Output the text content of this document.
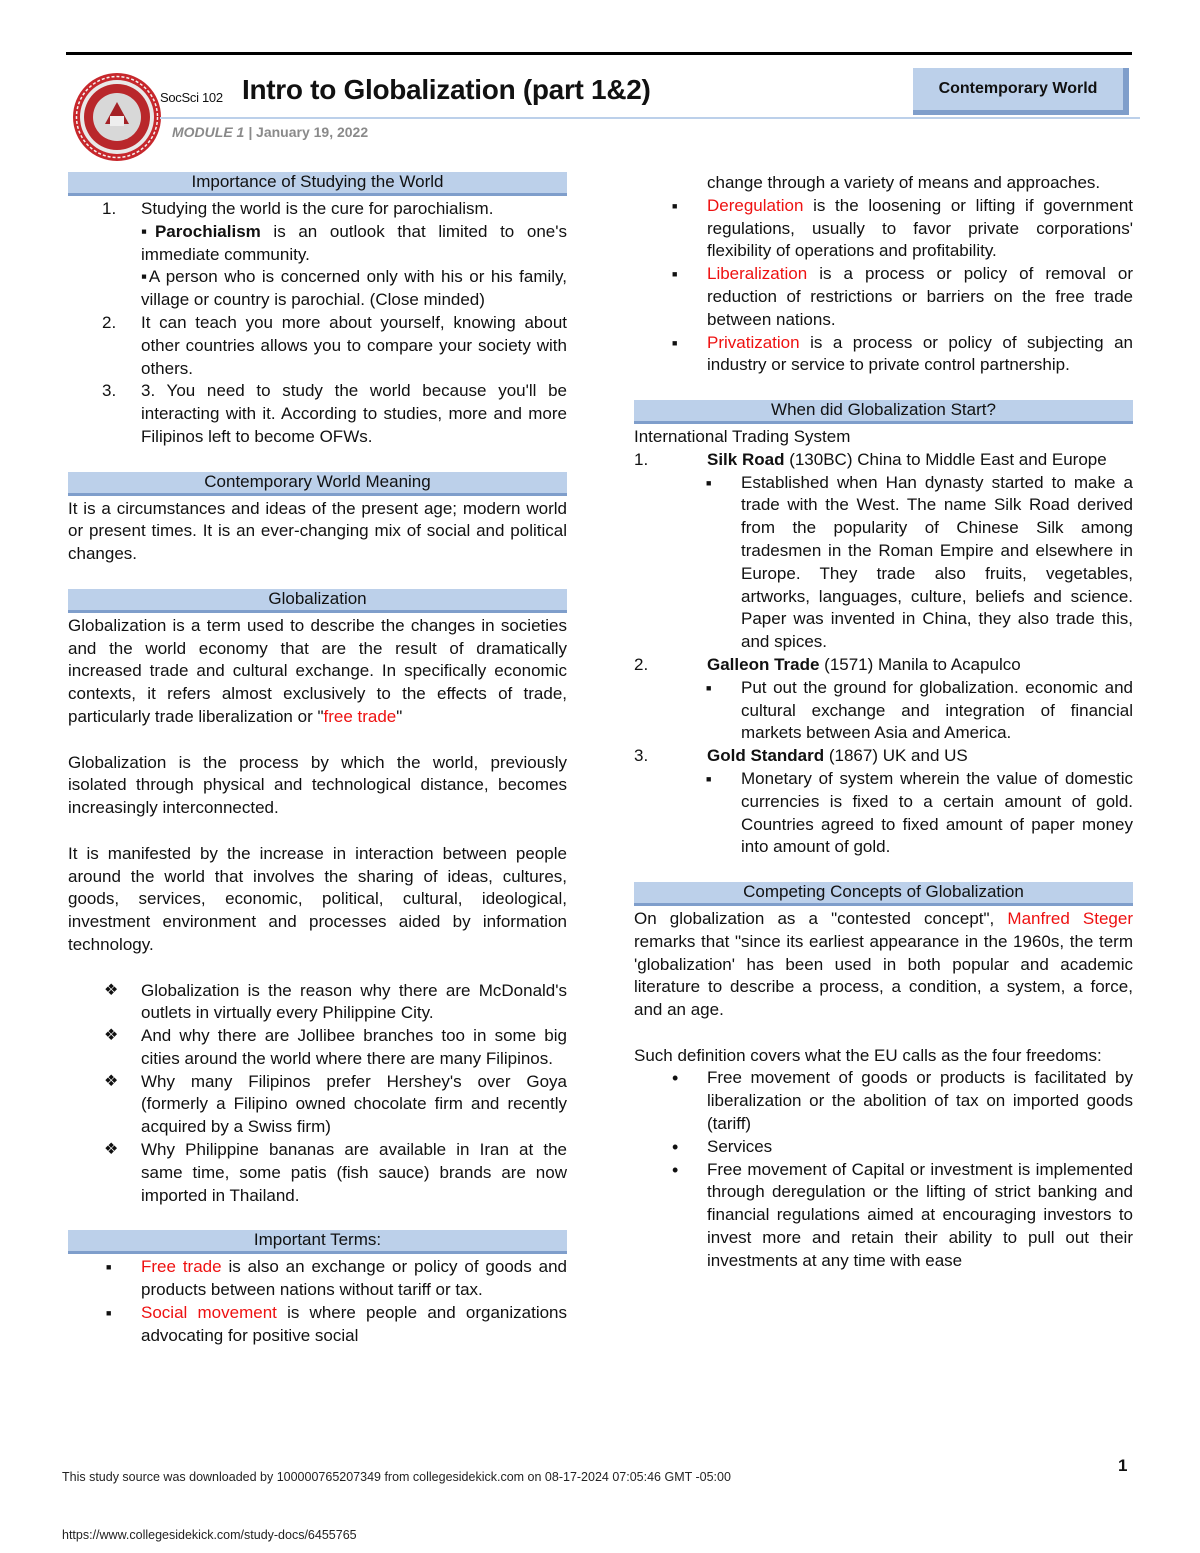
SocSci 102 Intro to Globalization (part 1&2)
MODULE 1 | January 19, 2022
Contemporary World
Importance of Studying the World
1. Studying the world is the cure for parochialism.
▪Parochialism is an outlook that limited to one's immediate community.
▪A person who is concerned only with his or his family, village or country is parochial. (Close minded)
2. It can teach you more about yourself, knowing about other countries allows you to compare your society with others.
3. 3. You need to study the world because you'll be interacting with it. According to studies, more and more Filipinos left to become OFWs.
Contemporary World Meaning
It is a circumstances and ideas of the present age; modern world or present times. It is an ever-changing mix of social and political changes.
Globalization
Globalization is a term used to describe the changes in societies and the world economy that are the result of dramatically increased trade and cultural exchange. In specifically economic contexts, it refers almost exclusively to the effects of trade, particularly trade liberalization or "free trade"
Globalization is the process by which the world, previously isolated through physical and technological distance, becomes increasingly interconnected.
It is manifested by the increase in interaction between people around the world that involves the sharing of ideas, cultures, goods, services, economic, political, cultural, ideological, investment environment and processes aided by information technology.
❖ Globalization is the reason why there are McDonald's outlets in virtually every Philippine City.
❖ And why there are Jollibee branches too in some big cities around the world where there are many Filipinos.
❖ Why many Filipinos prefer Hershey's over Goya (formerly a Filipino owned chocolate firm and recently acquired by a Swiss firm)
❖ Why Philippine bananas are available in Iran at the same time, some patis (fish sauce) brands are now imported in Thailand.
Important Terms:
■ Free trade is also an exchange or policy of goods and products between nations without tariff or tax.
■ Social movement is where people and organizations advocating for positive social
change through a variety of means and approaches.
■ Deregulation is the loosening or lifting if government regulations, usually to favor private corporations' flexibility of operations and profitability.
■ Liberalization is a process or policy of removal or reduction of restrictions or barriers on the free trade between nations.
■ Privatization is a process or policy of subjecting an industry or service to private control partnership.
When did Globalization Start?
International Trading System
1.	Silk Road (130BC) China to Middle East and Europe
■ Established when Han dynasty started to make a trade with the West. The name Silk Road derived from the popularity of Chinese Silk among tradesmen in the Roman Empire and elsewhere in Europe. They trade also fruits, vegetables, artworks, languages, culture, beliefs and science. Paper was invented in China, they also trade this, and spices.
2.	Galleon Trade (1571) Manila to Acapulco
■ Put out the ground for globalization. economic and cultural exchange and integration of financial markets between Asia and America.
3.	Gold Standard (1867) UK and US
■ Monetary of system wherein the value of domestic currencies is fixed to a certain amount of gold. Countries agreed to fixed amount of paper money into amount of gold.
Competing Concepts of Globalization
On globalization as a "contested concept", Manfred Steger remarks that "since its earliest appearance in the 1960s, the term 'globalization' has been used in both popular and academic literature to describe a process, a condition, a system, a force, and an age.
Such definition covers what the EU calls as the four freedoms:
• Free movement of goods or products is facilitated by liberalization or the abolition of tax on imported goods (tariff)
• Services
• Free movement of Capital or investment is implemented through deregulation or the lifting of strict banking and financial regulations aimed at encouraging investors to invest more and retain their ability to pull out their investments at any time with ease
1
This study source was downloaded by 100000765207349 from collegesidekick.com on 08-17-2024 07:05:46 GMT -05:00
https://www.collegesidekick.com/study-docs/6455765
